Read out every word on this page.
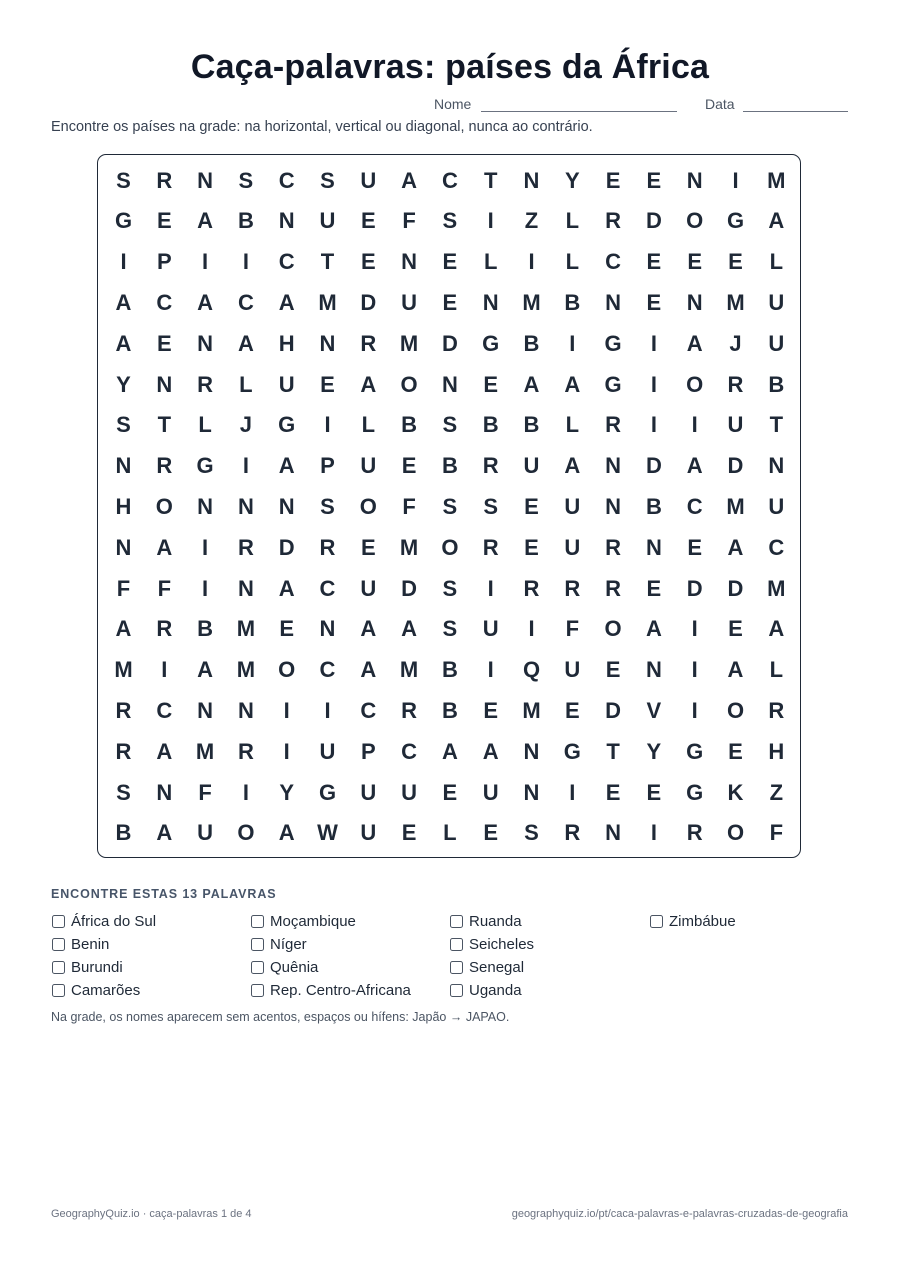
Caça-palavras: países da África
Nome	Data
Encontre os países na grade: na horizontal, vertical ou diagonal, nunca ao contrário.
S	R	N	S	C	S	U	A	C	T	N	Y	E	E	N	I	M
G	E	A	B	N	U	E	F	S	I	Z	L	R	D	O	G	A
I	P	I	I	C	T	E	N	E	L	I	L	C	E	E	E	L
A	C	A	C	A	M	D	U	E	N	M	B	N	E	N	M	U
A	E	N	A	H	N	R	M	D	G	B	I	G	I	A	J	U
Y	N	R	L	U	E	A	O	N	E	A	A	G	I	O	R	B
S	T	L	J	G	I	L	B	S	B	B	L	R	I	I	U	T
N	R	G	I	A	P	U	E	B	R	U	A	N	D	A	D	N
H	O	N	N	N	S	O	F	S	S	E	U	N	B	C	M	U
N	A	I	R	D	R	E	M	O	R	E	U	R	N	E	A	C
F	F	I	N	A	C	U	D	S	I	R	R	R	E	D	D	M
A	R	B	M	E	N	A	A	S	U	I	F	O	A	I	E	A
M	I	A	M	O	C	A	M	B	I	Q	U	E	N	I	A	L
R	C	N	N	I	I	C	R	B	E	M	E	D	V	I	O	R
R	A	M	R	I	U	P	C	A	A	N	G	T	Y	G	E	H
S	N	F	I	Y	G	U	U	E	U	N	I	E	E	G	K	Z
B	A	U	O	A	W	U	E	L	E	S	R	N	I	R	O	F
ENCONTRE ESTAS 13 PALAVRAS
África do Sul
Benin
Burundi
Camarões
Moçambique
Níger
Quênia
Rep. Centro-Africana
Ruanda
Seicheles
Senegal
Uganda
Zimbábue
Na grade, os nomes aparecem sem acentos, espaços ou hífens: Japão → JAPAO.
GeographyQuiz.io · caça-palavras 1 de 4	geographyquiz.io/pt/caca-palavras-e-palavras-cruzadas-de-geografia
